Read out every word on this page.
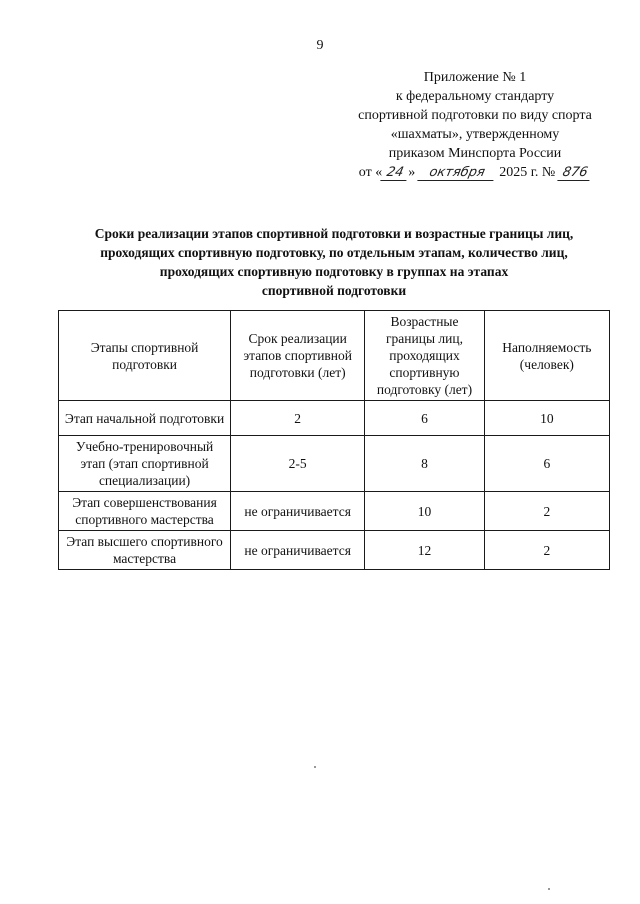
9
Приложение № 1
к федеральному стандарту
спортивной подготовки по виду спорта
«шахматы», утвержденному
приказом Минспорта России
от « 24 » октября 2025 г. № 876
Сроки реализации этапов спортивной подготовки и возрастные границы лиц,
проходящих спортивную подготовку, по отдельным этапам, количество лиц,
проходящих спортивную подготовку в группах на этапах
спортивной подготовки
Этапы спортивной подготовки	Срок реализации этапов спортивной подготовки (лет)	Возрастные границы лиц, проходящих спортивную подготовку (лет)	Наполняемость (человек)
Этап начальной подготовки	2	6	10
Учебно-тренировочный этап (этап спортивной специализации)	2-5	8	6
Этап совершенствования спортивного мастерства	не ограничивается	10	2
Этап высшего спортивного мастерства	не ограничивается	12	2
